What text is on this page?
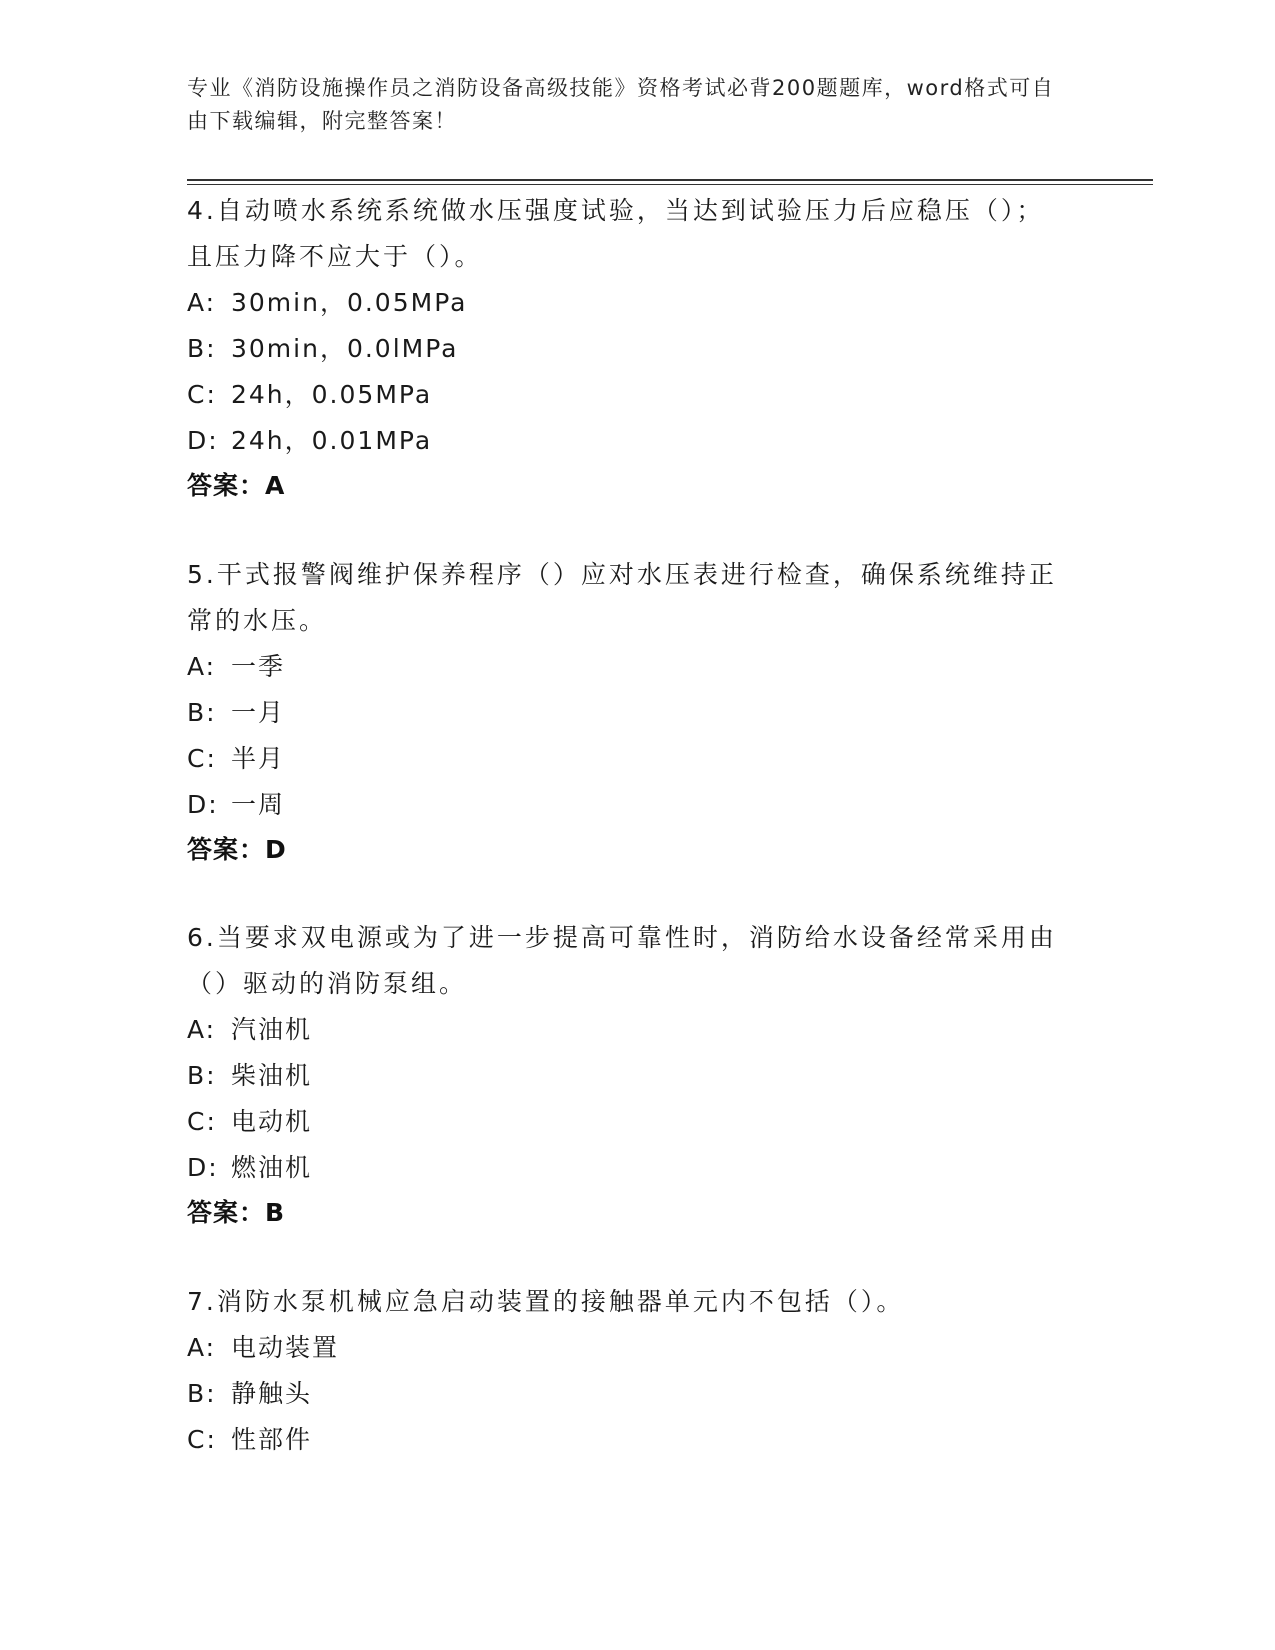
专业《消防设施操作员之消防设备高级技能》资格考试必背200题题库，word格式可自由下载编辑，附完整答案！
4.自动喷水系统系统做水压强度试验，当达到试验压力后应稳压（）；且压力降不应大于（）。
A: 30min，0.05MPa
B: 30min，0.0lMPa
C: 24h，0.05MPa
D: 24h，0.01MPa
答案：A
5.干式报警阀维护保养程序（）应对水压表进行检查，确保系统维持正常的水压。
A: 一季
B: 一月
C: 半月
D: 一周
答案：D
6.当要求双电源或为了进一步提高可靠性时，消防给水设备经常采用由（）驱动的消防泵组。
A: 汽油机
B: 柴油机
C: 电动机
D: 燃油机
答案：B
7.消防水泵机械应急启动装置的接触器单元内不包括（）。
A: 电动装置
B: 静触头
C: 性部件
